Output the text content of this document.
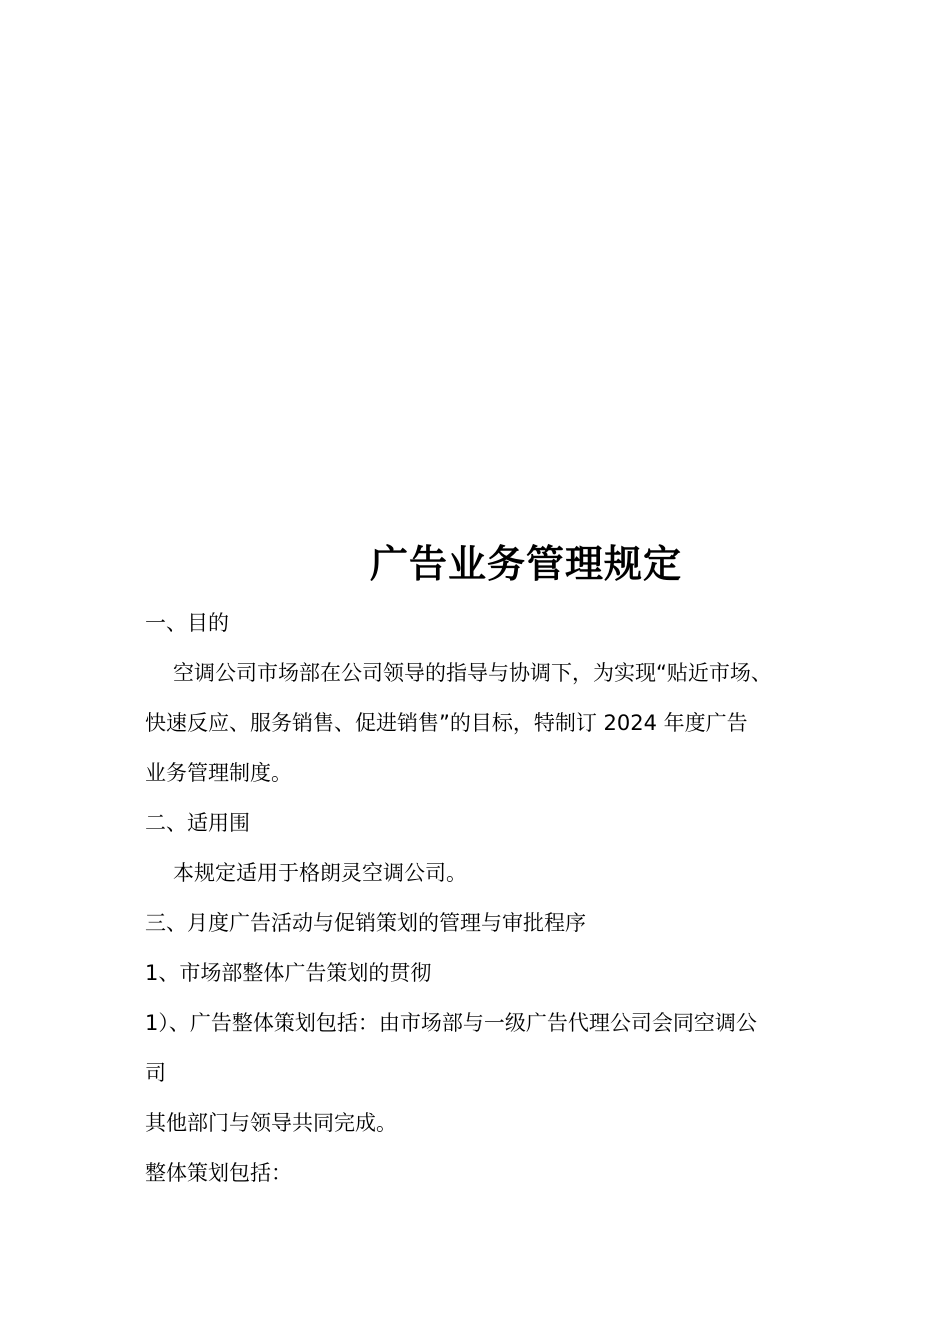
广告业务管理规定
一、目的
空调公司市场部在公司领导的指导与协调下，为实现“贴近市场、
快速反应、服务销售、促进销售”的目标，特制订 2024 年度广告
业务管理制度。
二、适用围
本规定适用于格朗灵空调公司。
三、月度广告活动与促销策划的管理与审批程序
1、市场部整体广告策划的贯彻
1）、广告整体策划包括：由市场部与一级广告代理公司会同空调公
司
其他部门与领导共同完成。
整体策划包括：
